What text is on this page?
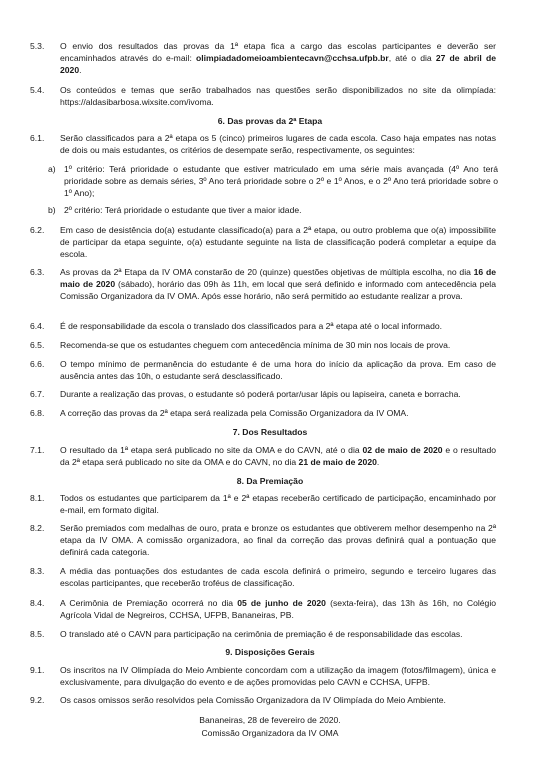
5.3.	O envio dos resultados das provas da 1ª etapa fica a cargo das escolas participantes e deverão ser encaminhados através do e-mail: olimpiadadomeioambientecavn@cchsa.ufpb.br, até o dia 27 de abril de 2020.
5.4.	Os conteúdos e temas que serão trabalhados nas questões serão disponibilizados no site da olimpíada: https://aldasibarbosa.wixsite.com/ivoma.
6. Das provas da 2ª Etapa
6.1.	Serão classificados para a 2ª etapa os 5 (cinco) primeiros lugares de cada escola. Caso haja empates nas notas de dois ou mais estudantes, os critérios de desempate serão, respectivamente, os seguintes:
a) 1º critério: Terá prioridade o estudante que estiver matriculado em uma série mais avançada (4º Ano terá prioridade sobre as demais séries, 3º Ano terá prioridade sobre o 2º e 1º Anos, e o 2º Ano terá prioridade sobre o 1º Ano);
b) 2º critério: Terá prioridade o estudante que tiver a maior idade.
6.2.	Em caso de desistência do(a) estudante classificado(a) para a 2ª etapa, ou outro problema que o(a) impossibilite de participar da etapa seguinte, o(a) estudante seguinte na lista de classificação poderá completar a equipe da escola.
6.3.	As provas da 2ª Etapa da IV OMA constarão de 20 (quinze) questões objetivas de múltipla escolha, no dia 16 de maio de 2020 (sábado), horário das 09h às 11h, em local que será definido e informado com antecedência pela Comissão Organizadora da IV OMA. Após esse horário, não será permitido ao estudante realizar a prova.
6.4.	É de responsabilidade da escola o translado dos classificados para a 2ª etapa até o local informado.
6.5.	Recomenda-se que os estudantes cheguem com antecedência mínima de 30 min nos locais de prova.
6.6.	O tempo mínimo de permanência do estudante é de uma hora do início da aplicação da prova. Em caso de ausência antes das 10h, o estudante será desclassificado.
6.7.	Durante a realização das provas, o estudante só poderá portar/usar lápis ou lapiseira, caneta e borracha.
6.8.	A correção das provas da 2ª etapa será realizada pela Comissão Organizadora da IV OMA.
7. Dos Resultados
7.1.	O resultado da 1ª etapa será publicado no site da OMA e do CAVN, até o dia 02 de maio de 2020 e o resultado da 2ª etapa será publicado no site da OMA e do CAVN, no dia 21 de maio de 2020.
8. Da Premiação
8.1.	Todos os estudantes que participarem da 1ª e 2ª etapas receberão certificado de participação, encaminhado por e-mail, em formato digital.
8.2.	Serão premiados com medalhas de ouro, prata e bronze os estudantes que obtiverem melhor desempenho na 2ª etapa da IV OMA. A comissão organizadora, ao final da correção das provas definirá qual a pontuação que definirá cada categoria.
8.3.	A média das pontuações dos estudantes de cada escola definirá o primeiro, segundo e terceiro lugares das escolas participantes, que receberão troféus de classificação.
8.4.	A Cerimônia de Premiação ocorrerá no dia 05 de junho de 2020 (sexta-feira), das 13h às 16h, no Colégio Agrícola Vidal de Negreiros, CCHSA, UFPB, Bananeiras, PB.
8.5.	O translado até o CAVN para participação na cerimônia de premiação é de responsabilidade das escolas.
9. Disposições Gerais
9.1.	Os inscritos na IV Olimpíada do Meio Ambiente concordam com a utilização da imagem (fotos/filmagem), única e exclusivamente, para divulgação do evento e de ações promovidas pelo CAVN e CCHSA, UFPB.
9.2.	Os casos omissos serão resolvidos pela Comissão Organizadora da IV Olimpíada do Meio Ambiente.
Bananeiras, 28 de fevereiro de 2020.
Comissão Organizadora da IV OMA
